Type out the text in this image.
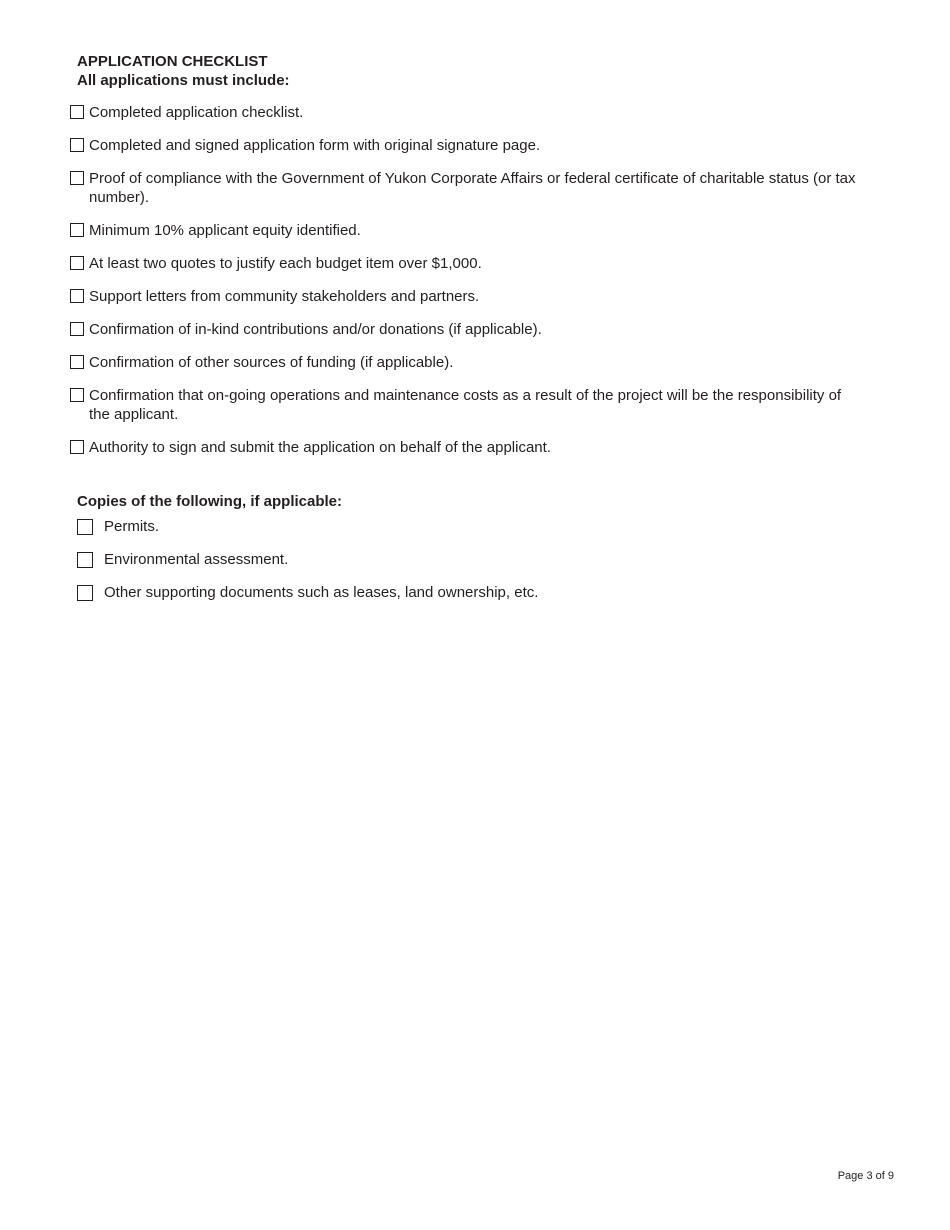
APPLICATION CHECKLIST
All applications must include:
Completed application checklist.
Completed and signed application form with original signature page.
Proof of compliance with the Government of Yukon Corporate Affairs or federal certificate of charitable status (or tax number).
Minimum 10% applicant equity identified.
At least two quotes to justify each budget item over $1,000.
Support letters from community stakeholders and partners.
Confirmation of in-kind contributions and/or donations (if applicable).
Confirmation of other sources of funding (if applicable).
Confirmation that on-going operations and maintenance costs as a result of the project will be the responsibility of the applicant.
Authority to sign and submit the application on behalf of the applicant.
Copies of the following, if applicable:
Permits.
Environmental assessment.
Other supporting documents such as leases, land ownership, etc.
Page 3 of 9
